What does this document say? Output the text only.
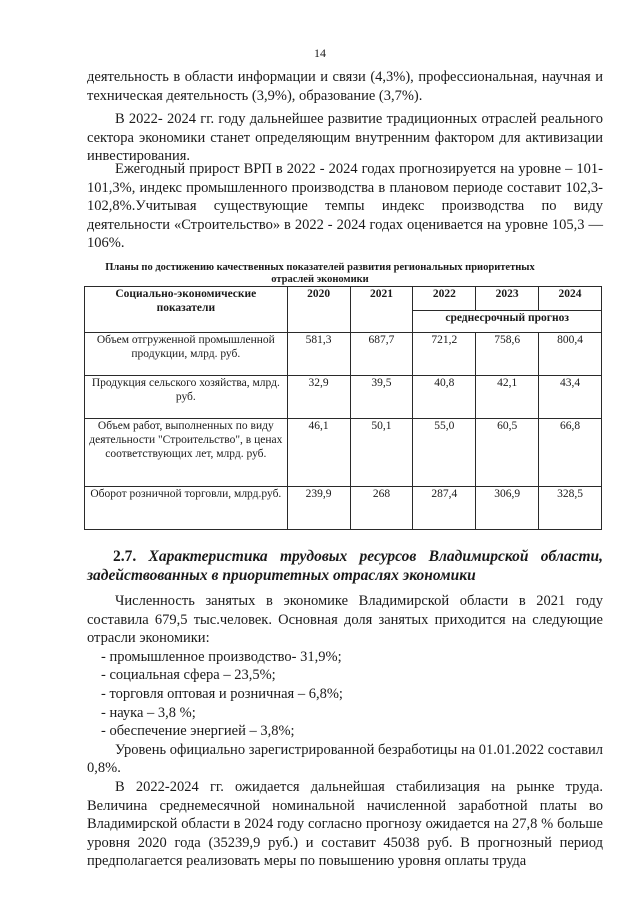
14

деятельность в области информации и связи (4,3%), профессиональная, научная и техническая деятельность (3,9%), образование (3,7%).

В 2022- 2024 гг. году дальнейшее развитие традиционных отраслей реального сектора экономики станет определяющим внутренним фактором для активизации инвестирования.

Ежегодный прирост ВРП в 2022 - 2024 годах прогнозируется на уровне – 101-101,3%, индекс промышленного производства в плановом периоде составит 102,3-102,8%.Учитывая существующие темпы индекс производства по виду деятельности «Строительство» в 2022 - 2024 годах оценивается на уровне 105,3 — 106%.

Планы по достижению качественных показателей развития региональных приоритетных отраслей экономики
Социально-экономические показатели	2020	2021	2022	2023	2024
			среднесрочный прогноз		
Объем отгруженной промышленной продукции, млрд. руб.	581,3	687,7	721,2	758,6	800,4
Продукция сельского хозяйства, млрд. руб.	32,9	39,5	40,8	42,1	43,4
Объем работ, выполненных по виду деятельности "Строительство", в ценах соответствующих лет, млрд. руб.	46,1	50,1	55,0	60,5	66,8
Оборот розничной торговли, млрд.руб.	239,9	268	287,4	306,9	328,5
2.7. Характеристика трудовых ресурсов Владимирской области, задействованных в приоритетных отраслях экономики

Численность занятых в экономике Владимирской области в 2021 году составила 679,5 тыс.человек. Основная доля занятых приходится на следующие отрасли экономики:

- промышленное производство- 31,9%;

- социальная сфера – 23,5%;

- торговля оптовая и розничная – 6,8%;

- наука – 3,8 %;

- обеспечение энергией – 3,8%;

Уровень официально зарегистрированной безработицы на 01.01.2022 составил 0,8%.

В 2022-2024 гг. ожидается дальнейшая стабилизация на рынке труда. Величина среднемесячной номинальной начисленной заработной платы во Владимирской области в 2024 году согласно прогнозу ожидается на 27,8 % больше уровня 2020 года (35239,9 руб.) и составит 45038 руб. В прогнозный период предполагается реализовать меры по повышению уровня оплаты труда
